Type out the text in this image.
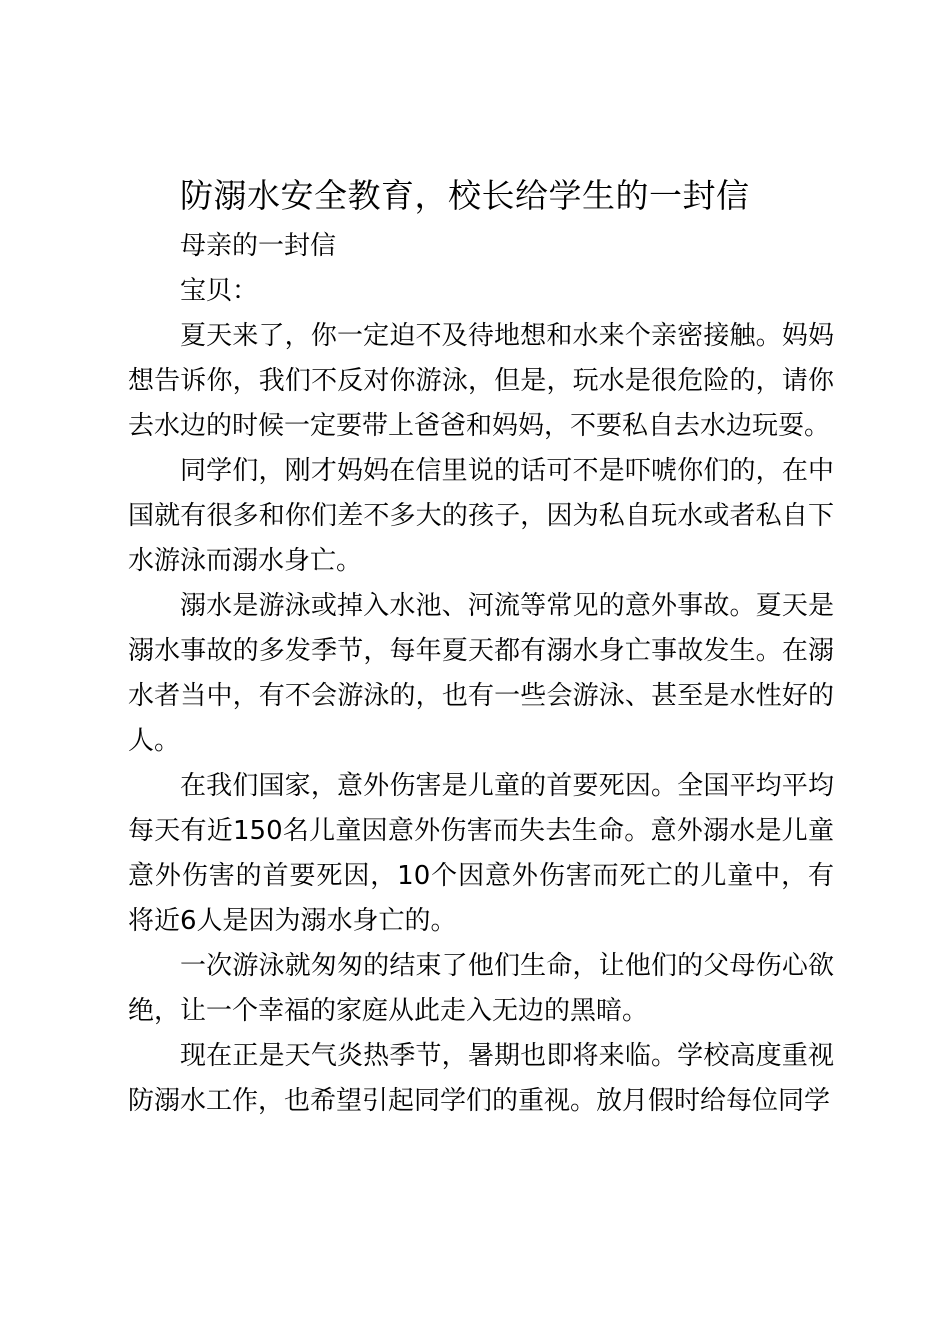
防溺水安全教育，校长给学生的一封信

母亲的一封信

宝贝：

夏天来了，你一定迫不及待地想和水来个亲密接触。妈妈想告诉你，我们不反对你游泳，但是，玩水是很危险的，请你去水边的时候一定要带上爸爸和妈妈，不要私自去水边玩耍。

同学们，刚才妈妈在信里说的话可不是吓唬你们的，在中国就有很多和你们差不多大的孩子，因为私自玩水或者私自下水游泳而溺水身亡。

溺水是游泳或掉入水池、河流等常见的意外事故。夏天是溺水事故的多发季节，每年夏天都有溺水身亡事故发生。在溺水者当中，有不会游泳的，也有一些会游泳、甚至是水性好的人。

在我们国家，意外伤害是儿童的首要死因。全国平均平均每天有近150名儿童因意外伤害而失去生命。意外溺水是儿童意外伤害的首要死因，10个因意外伤害而死亡的儿童中，有将近6人是因为溺水身亡的。

一次游泳就匆匆的结束了他们生命，让他们的父母伤心欲绝，让一个幸福的家庭从此走入无边的黑暗。

现在正是天气炎热季节，暑期也即将来临。学校高度重视防溺水工作，也希望引起同学们的重视。放月假时给每位同学
